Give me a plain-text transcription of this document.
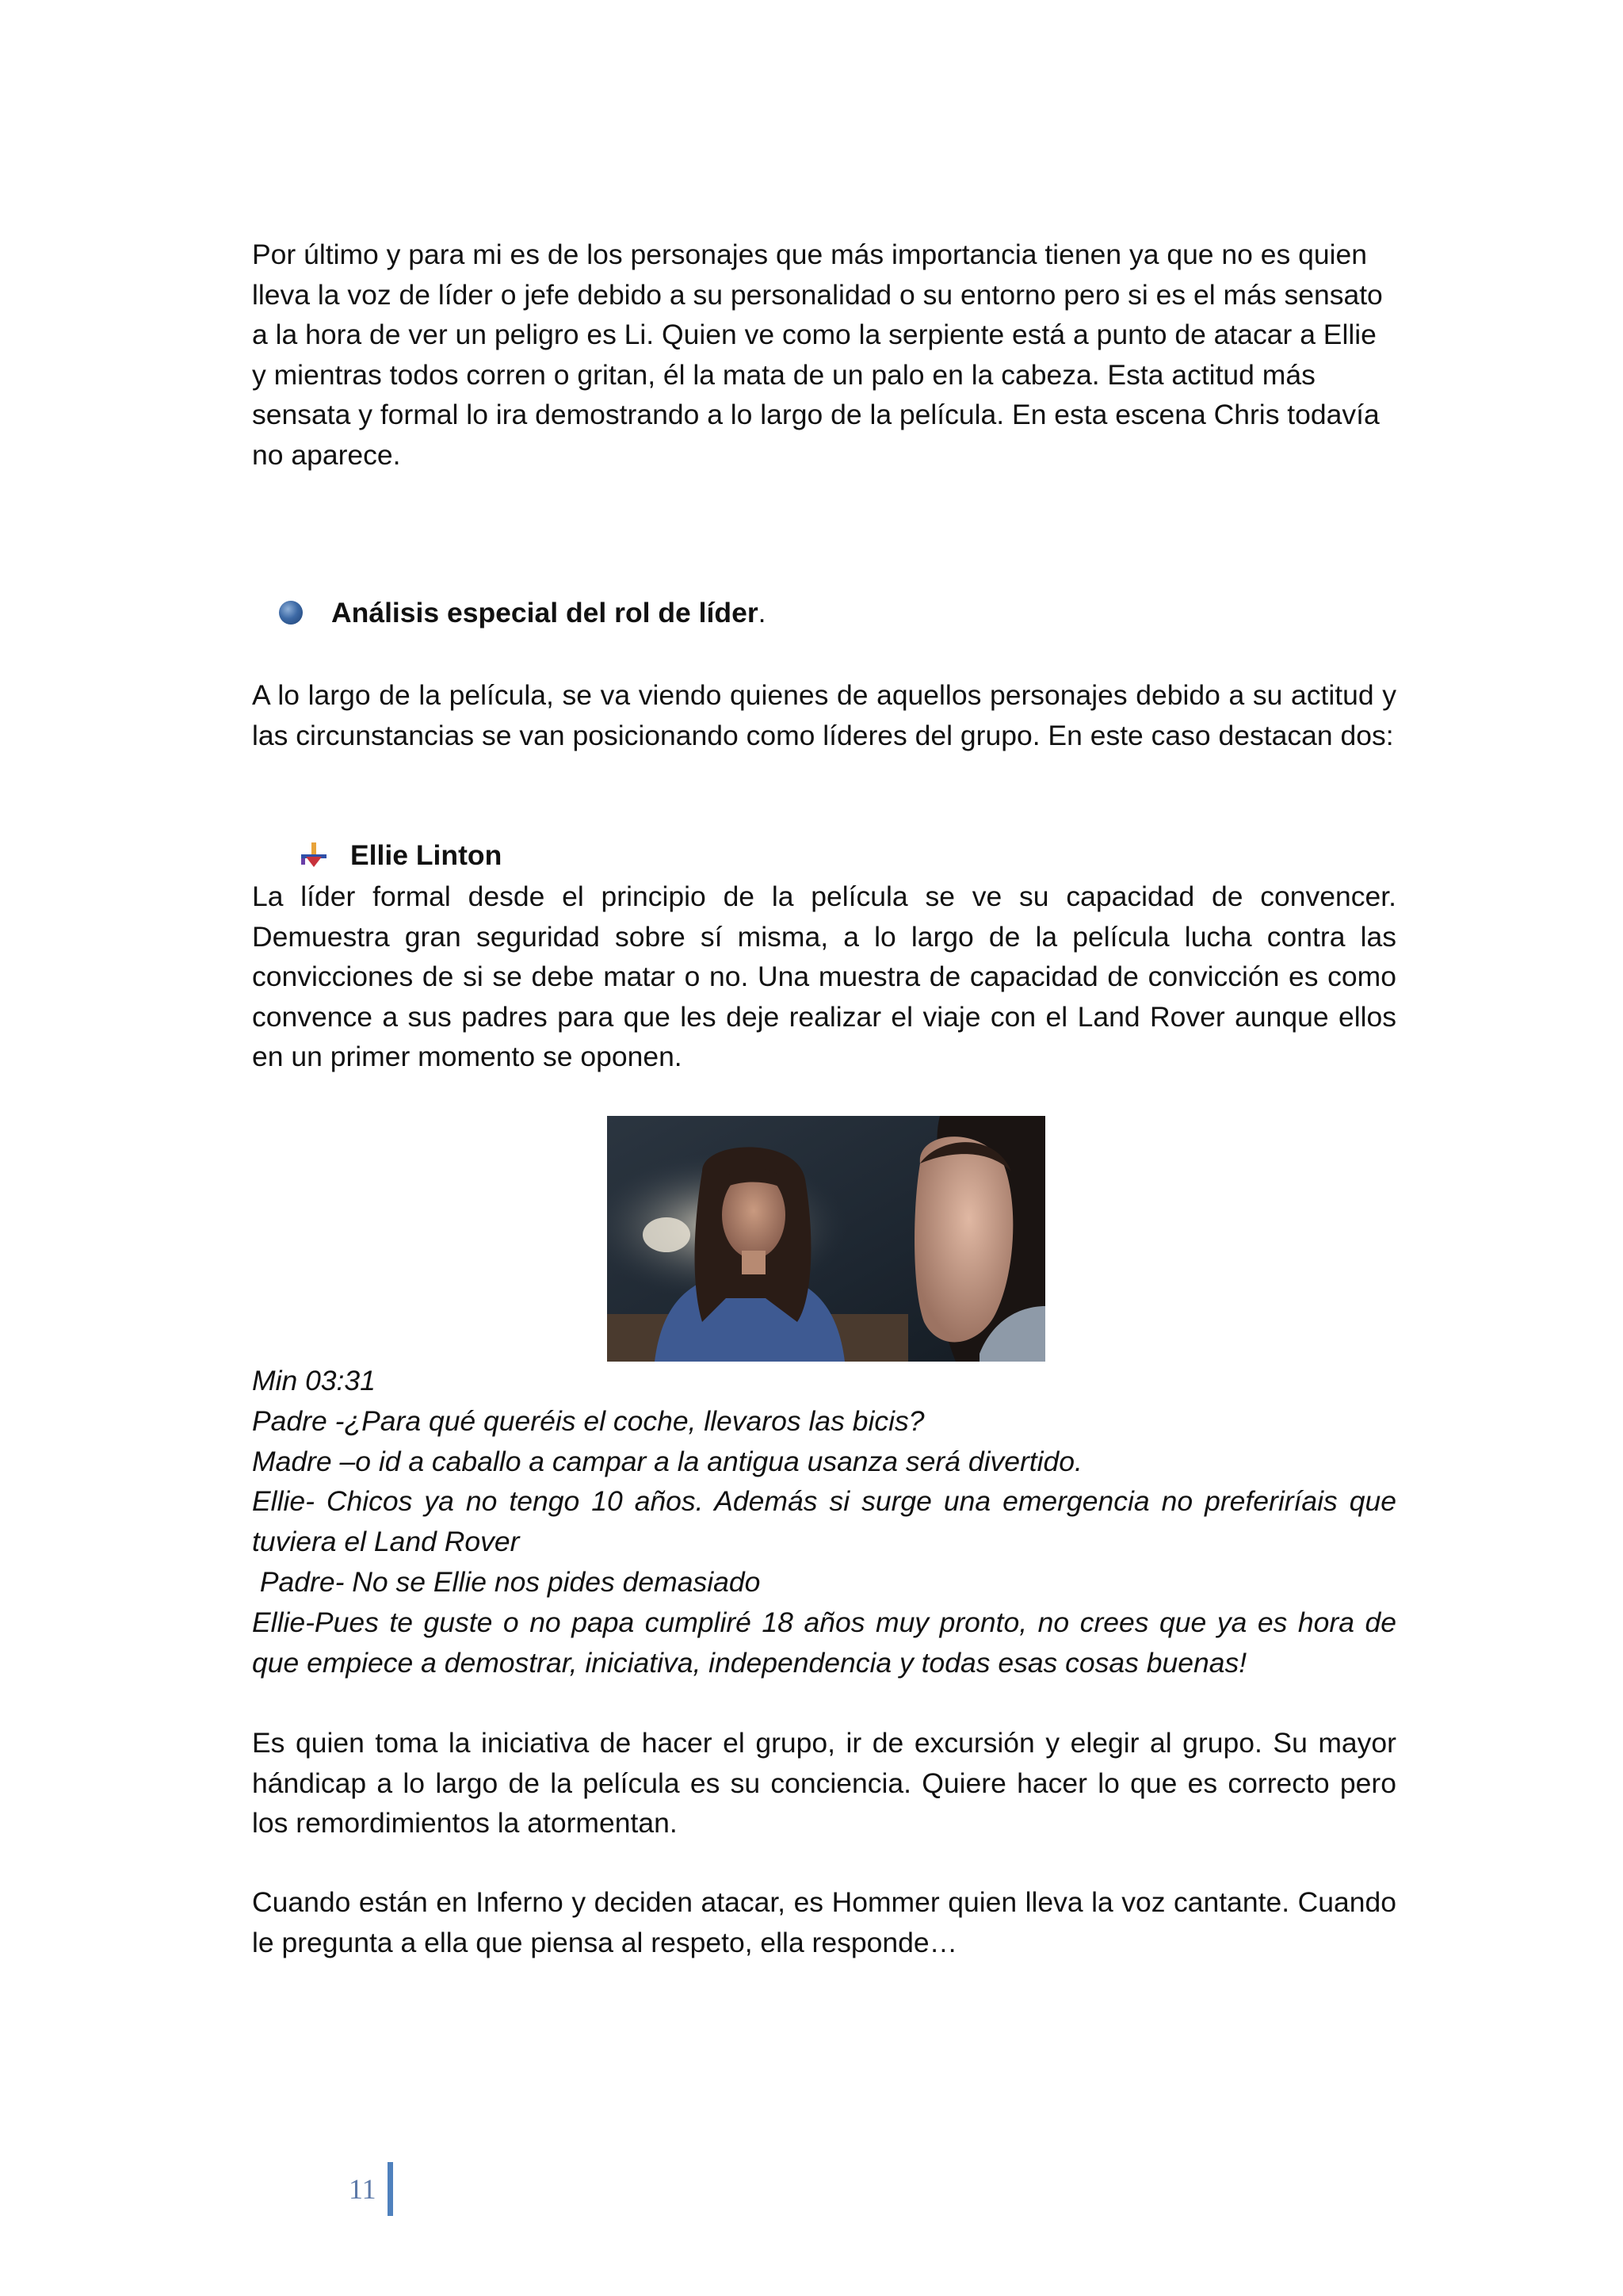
Por último y para mi es de los personajes que más importancia tienen ya que no es quien lleva la voz de líder o jefe debido a su personalidad o su entorno pero si es el más sensato a la hora de ver un peligro es Li. Quien ve como la serpiente está a punto de atacar a Ellie y mientras todos corren o gritan, él la mata de un palo en la cabeza. Esta actitud más sensata y formal lo ira demostrando a lo largo de la película. En esta escena Chris todavía no aparece.

Análisis especial del rol de líder.

A lo largo de la película, se va viendo quienes de aquellos personajes debido a su actitud y las circunstancias se van posicionando como líderes del grupo. En este caso destacan dos:

Ellie Linton

La líder formal desde el principio de la película se ve su capacidad de convencer. Demuestra gran seguridad sobre sí misma, a lo largo de la película lucha contra las convicciones de si se debe matar o no. Una muestra de capacidad de convicción es como convence a sus padres para que les deje realizar el viaje con el Land Rover aunque ellos en un primer momento se oponen.

Min 03:31

Padre -¿Para qué queréis el coche, llevaros las bicis?

Madre –o id a caballo a campar a la antigua usanza será divertido.

Ellie- Chicos ya no tengo 10 años. Además si surge una emergencia no preferiríais que tuviera el Land Rover

Padre- No se Ellie nos pides demasiado

Ellie-Pues te guste o no papa cumpliré 18 años muy pronto, no crees que ya es hora de que empiece a demostrar, iniciativa, independencia y todas esas cosas buenas!

Es quien toma la iniciativa de hacer el grupo, ir de excursión y elegir al grupo. Su mayor hándicap a lo largo de la película es su conciencia. Quiere hacer lo que es correcto pero los remordimientos la atormentan.

Cuando están en Inferno y deciden atacar, es Hommer quien lleva la voz cantante. Cuando le pregunta a ella que piensa al respeto, ella responde…

11
